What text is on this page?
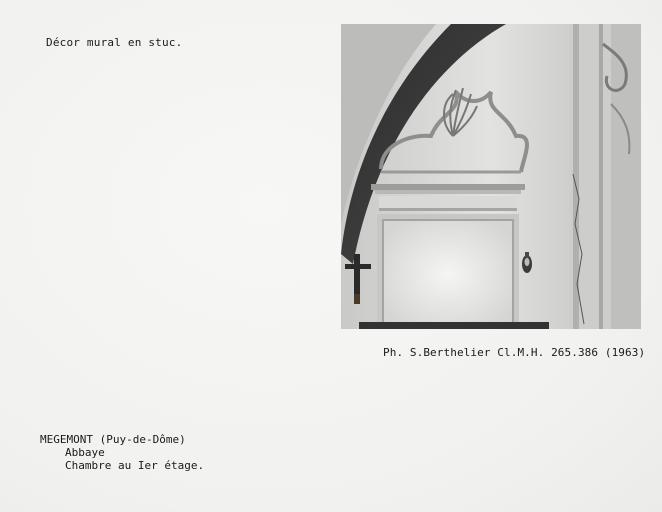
Décor mural en stuc.
Ph. S.Berthelier Cl.M.H. 265.386 (1963)
MEGEMONT (Puy-de-Dôme)
Abbaye
Chambre au Ier étage.
